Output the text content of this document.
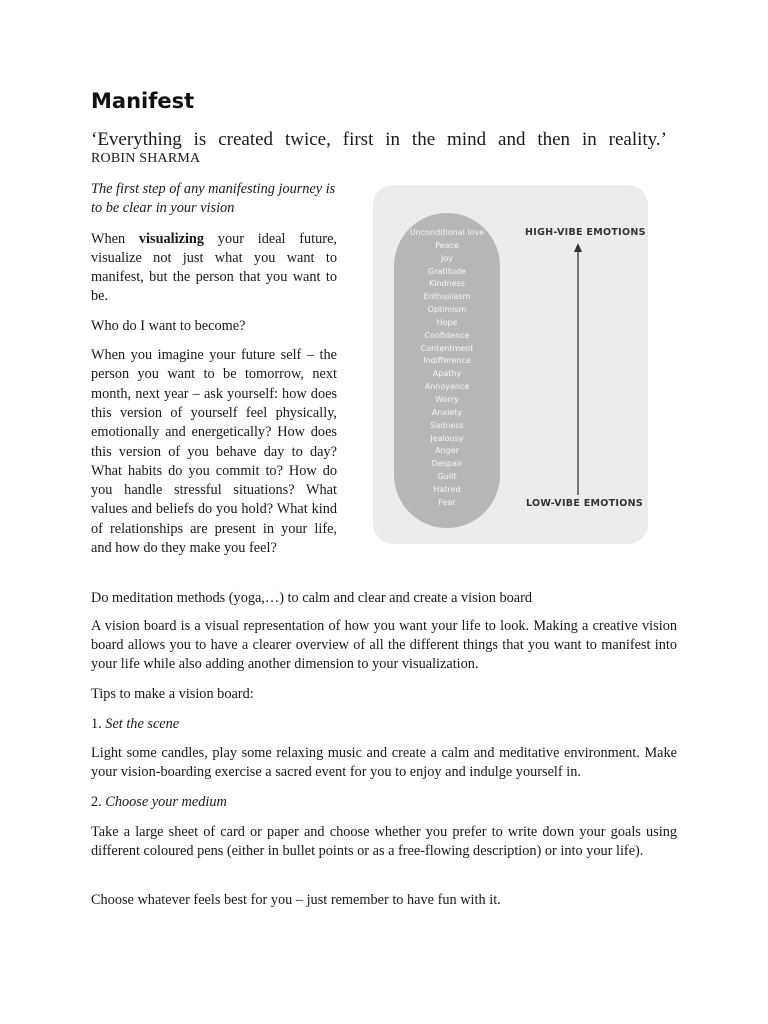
Manifest
‘Everything is created twice, first in the mind and then in reality.’
ROBIN SHARMA

The first step of any manifesting journey is to be clear in your vision

When visualizing your ideal future, visualize not just what you want to manifest, but the person that you want to be.

Who do I want to become?

When you imagine your future self – the person you want to be tomorrow, next month, next year – ask yourself: how does this version of yourself feel physically, emotionally and energetically? How does this version of you behave day to day? What habits do you commit to? How do you handle stressful situations? What values and beliefs do you hold? What kind of relationships are present in your life, and how do they make you feel?

Unconditional love
Peace
Joy
Gratitude
Kindness
Enthusiasm
Optimism
Hope
Confidence
Contentment
Indifference
Apathy
Annoyance
Worry
Anxiety
Sadness
Jealousy
Anger
Despair
Guilt
Hatred
Fear
HIGH-VIBE EMOTIONS
LOW-VIBE EMOTIONS

Do meditation methods (yoga,…) to calm and clear and create a vision board

A vision board is a visual representation of how you want your life to look. Making a creative vision board allows you to have a clearer overview of all the different things that you want to manifest into your life while also adding another dimension to your visualization.

Tips to make a vision board:

1. Set the scene

Light some candles, play some relaxing music and create a calm and meditative environment. Make your vision-boarding exercise a sacred event for you to enjoy and indulge yourself in.

2. Choose your medium

Take a large sheet of card or paper and choose whether you prefer to write down your goals using different coloured pens (either in bullet points or as a free-flowing description) or into your life).

Choose whatever feels best for you – just remember to have fun with it.
